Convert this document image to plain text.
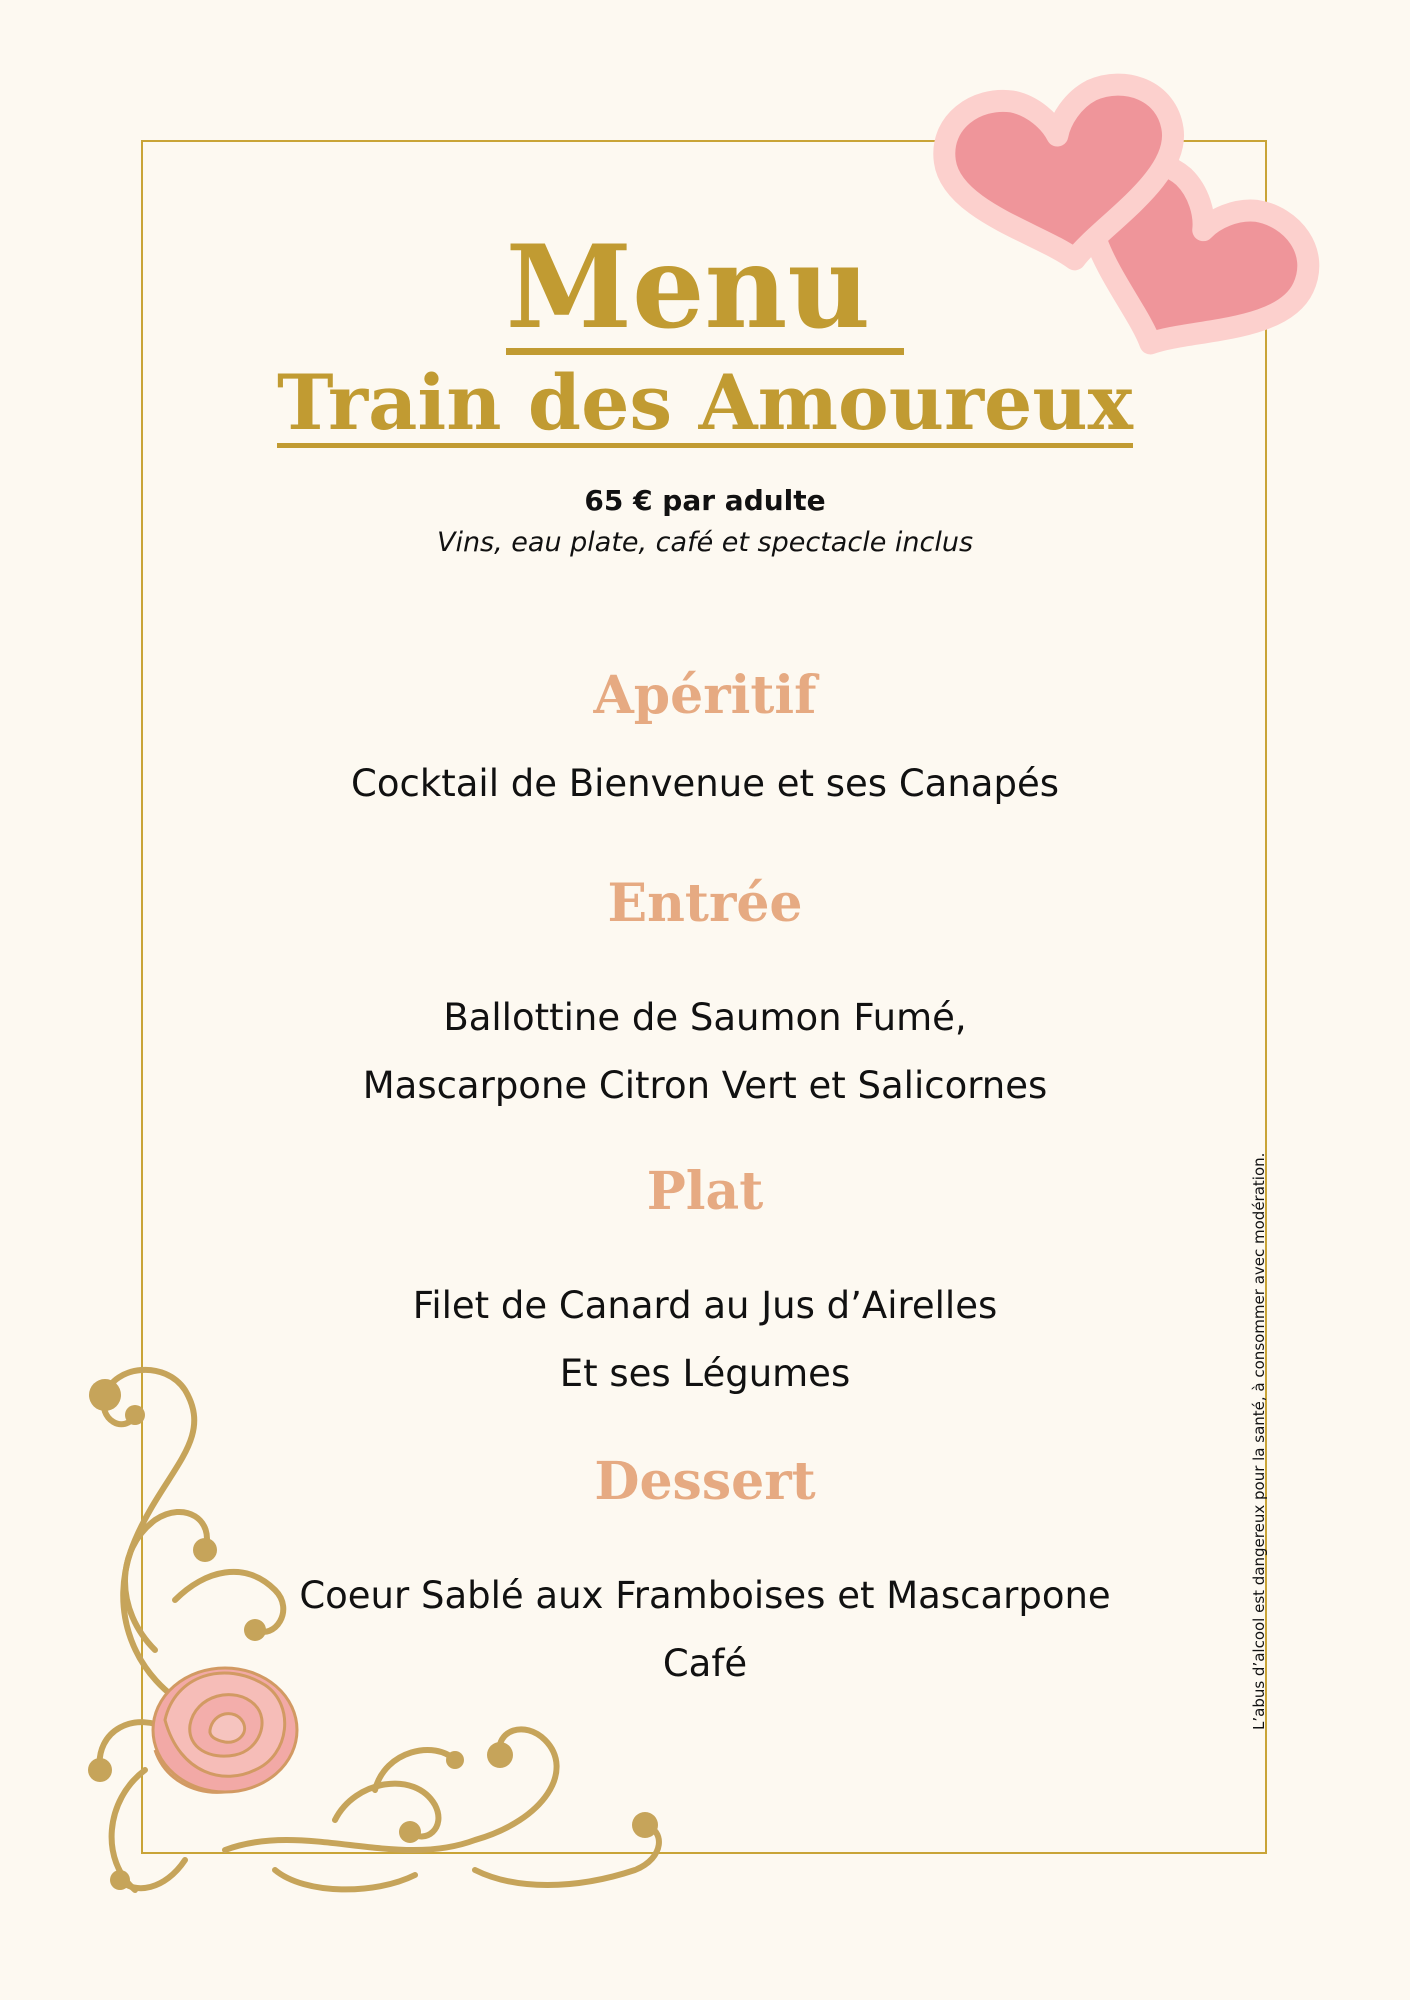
Menu
Train des Amoureux
65 € par adulte
Vins, eau plate, café et spectacle inclus
Apéritif
Cocktail de Bienvenue et ses Canapés
Entrée
Ballottine de Saumon Fumé,
Mascarpone Citron Vert et Salicornes
Plat
Filet de Canard au Jus d’Airelles
Et ses Légumes
Dessert
Coeur Sablé aux Framboises et Mascarpone
Café	L’abus d’alcool est dangereux pour la santé, à consommer avec modération.
